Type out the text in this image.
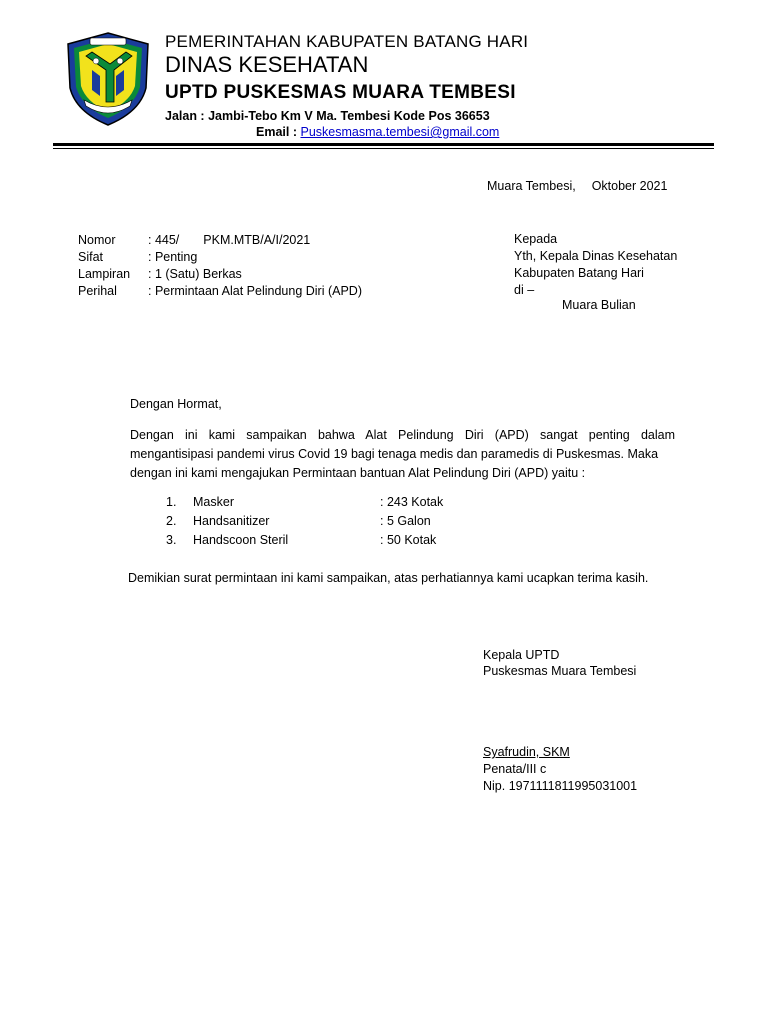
PEMERINTAHAN KABUPATEN BATANG HARI
DINAS KESEHATAN
UPTD PUSKESMAS MUARA TEMBESI
Jalan : Jambi-Tebo Km V Ma. Tembesi Kode Pos 36653
Email : Puskesmasma.tembesi@gmail.com
Muara Tembesi, Oktober 2021
Nomor	: 445/ PKM.MTB/A/I/2021
Sifat	: Penting
Lampiran : 1 (Satu) Berkas
Perihal : Permintaan Alat Pelindung Diri (APD)
Kepada
Yth, Kepala Dinas Kesehatan
Kabupaten Batang Hari
di –
Muara Bulian
Dengan Hormat,
Dengan ini kami sampaikan bahwa Alat Pelindung Diri (APD) sangat penting dalam mengantisipasi pandemi virus Covid 19 bagi tenaga medis dan paramedis di Puskesmas. Maka
dengan ini kami mengajukan Permintaan bantuan Alat Pelindung Diri (APD) yaitu :
1. Masker	: 243 Kotak
2. Handsanitizer	: 5 Galon
3. Handscoon Steril	: 50 Kotak
Demikian surat permintaan ini kami sampaikan, atas perhatiannya kami ucapkan terima kasih.
Kepala UPTD
Puskesmas Muara Tembesi
Syafrudin, SKM
Penata/III c
Nip. 1971111811995031001
